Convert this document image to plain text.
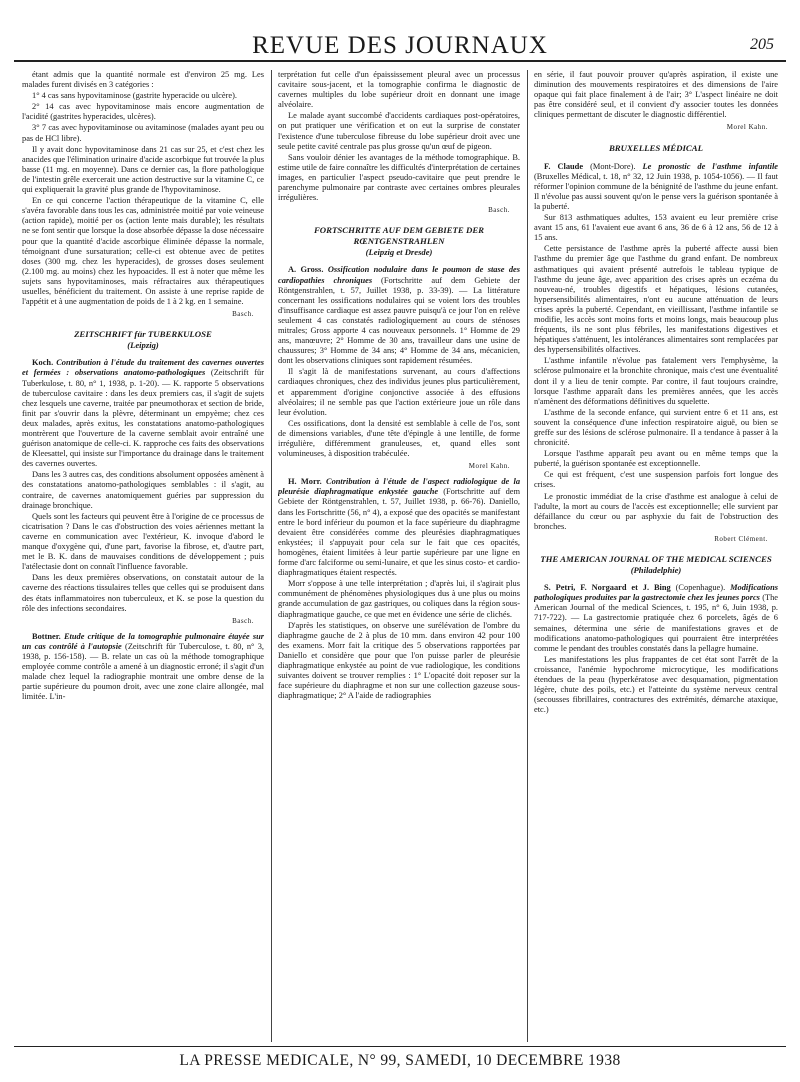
REVUE DES JOURNAUX	205

étant admis que la quantité normale est d'environ 25 mg. Les malades furent divisés en 3 catégories :

1° 4 cas sans hypovitaminose (gastrite hyperacide ou ulcère).

2° 14 cas avec hypovitaminose mais encore augmentation de l'acidité (gastrites hyperacides, ulcères).

3° 7 cas avec hypovitaminose ou avitaminose (malades ayant peu ou pas de HCl libre).

Il y avait donc hypovitaminose dans 21 cas sur 25, et c'est chez les anacides que l'élimination urinaire d'acide ascorbique fut trouvée la plus basse (11 mg. en moyenne). Dans ce dernier cas, la flore pathologique de l'intestin grêle exercerait une action destructive sur la vitamine C, ce qui expliquerait la gravité plus grande de l'hypovitaminose.

En ce qui concerne l'action thérapeutique de la vitamine C, elle s'avéra favorable dans tous les cas, administrée moitié par voie veineuse (action rapide), moitié per os (action lente mais durable); les résultats ne se font sentir que lorsque la dose absorbée dépasse la dose nécessaire pour que la quantité d'acide ascorbique éliminée dépasse la normale, témoignant d'une sursaturation; celle-ci est obtenue avec de petites doses (300 mg. chez les hyperacides), de grosses doses seulement (2.100 mg. au moins) chez les hypoacides. Il est à noter que même les sujets sans hypovitaminoses, mais réfractaires aux thérapeutiques usuelles, bénéficient du traitement. On assiste à une reprise rapide de l'appétit et à une augmentation de poids de 1 à 2 kg. en 1 semaine.

Basch.

ZEITSCHRIFT für TUBERKULOSE

(Leipzig)

Koch. Contribution à l'étude du traitement des cavernes ouvertes et fermées : observations anatomo-pathologiques (Zeitschrift für Tuberkulose, t. 80, n° 1, 1938, p. 1-20). — K. rapporte 5 observations de tuberculose cavitaire : dans les deux premiers cas, il s'agit de sujets chez lesquels une caverne, traitée par pneumothorax et section de bride, finit par s'ouvrir dans la plèvre, déterminant un empyème; chez ces deux malades, après exitus, les constatations anatomo-pathologiques montrèrent que l'ouverture de la caverne semblait avoir entraîné une guérison anatomique de celle-ci. K. rapproche ces faits des observations de Kleesattel, qui insiste sur l'importance du drainage dans le traitement des cavernes ouvertes.

Dans les 3 autres cas, des conditions absolument opposées amènent à des constatations anatomo-pathologiques semblables : il s'agit, au contraire, de cavernes anatomiquement guéries par suppression du drainage bronchique.

Quels sont les facteurs qui peuvent être à l'origine de ce processus de cicatrisation ? Dans le cas d'obstruction des voies aériennes mettant la caverne en communication avec l'extérieur, K. invoque d'abord le manque d'oxygène qui, d'une part, favorise la fibrose, et, d'autre part, met le B. K. dans de mauvaises conditions de développement ; puis l'atélectasie dont on connaît l'influence favorable.

Dans les deux premières observations, on constatait autour de la caverne des réactions tissulaires telles que celles qui se produisent dans des états inflammatoires non tuberculeux, et K. se pose la question du rôle des infections secondaires.

Basch.

Bottner. Etude critique de la tomographie pulmonaire étayée sur un cas contrôlé à l'autopsie (Zeitschrift für Tuberculose, t. 80, n° 3, 1938, p. 156-158). — B. relate un cas où la méthode tomographique employée comme contrôle a amené à un diagnostic erroné; il s'agit d'un malade chez lequel la radiographie montrait une ombre dense de la partie supérieure du poumon droit, avec une zone claire allongée, mal limitée. L'in-

terprétation fut celle d'un épaississement pleural avec un processus cavitaire sous-jacent, et la tomographie confirma le diagnostic de cavernes multiples du lobe supérieur droit en donnant une image alvéolaire.

Le malade ayant succombé d'accidents cardiaques post-opératoires, on put pratiquer une vérification et on eut la surprise de constater l'existence d'une tuberculose fibreuse du lobe supérieur droit avec une seule petite cavité centrale pas plus grosse qu'un œuf de pigeon.

Sans vouloir dénier les avantages de la méthode tomographique. B. estime utile de faire connaître les difficultés d'interprétation de certaines images, en particulier l'aspect pseudo-cavitaire que peut prendre le parenchyme pulmonaire par contraste avec certaines ombres pleurales irrégulières.

Basch.

FORTSCHRITTE AUF DEM GEBIETE DER RŒNTGENSTRAHLEN

(Leipzig et Dresde)

A. Gross. Ossification nodulaire dans le poumon de stase des cardiopathies chroniques (Fortschritte auf dem Gebiete der Röntgenstrahlen, t. 57, Juillet 1938, p. 33-39). — La littérature concernant les ossifications nodulaires qui se voient lors des troubles d'insuffisance cardiaque est assez pauvre puisqu'à ce jour l'on en relève seulement 4 cas constatés radiologiquement au cours de sténoses mitrales; Gross apporte 4 cas nouveaux personnels. 1° Homme de 29 ans, manœuvre; 2° Homme de 30 ans, travailleur dans une usine de chaussures; 3° Homme de 34 ans; 4° Homme de 34 ans, mécanicien, dont les observations cliniques sont rapidement résumées.

Il s'agit là de manifestations survenant, au cours d'affections cardiaques chroniques, chez des individus jeunes plus particulièrement, et apparemment d'origine conjonctive associée à des effusions alvéolaires; il ne semble pas que l'action extérieure joue un rôle dans leur évolution.

Ces ossifications, dont la densité est semblable à celle de l'os, sont de dimensions variables, d'une tête d'épingle à une lentille, de forme irrégulière, différemment granuleuses, et, quand elles sont volumineuses, à disposition trabéculée.

Morel Kahn.

H. Morr. Contribution à l'étude de l'aspect radiologique de la pleurésie diaphragmatique enkystée gauche (Fortschritte auf dem Gebiete der Röntgenstrahlen, t. 57, Juillet 1938, p. 66-76). Daniello, dans les Fortschritte (56, n° 4), a exposé que des opacités se manifestant entre le bord inférieur du poumon et la face supérieure du diaphragme devaient être considérées comme des pleurésies diaphragmatiques enkystées; il s'appuyait pour cela sur le fait que ces opacités, homogènes, étaient limitées à leur partie supérieure par une ligne en forme d'arc falciforme ou semi-lunaire, et que les sinus costo- et cardio-diaphragmatiques étaient respectés.

Morr s'oppose à une telle interprétation ; d'après lui, il s'agirait plus communément de phénomènes physiologiques dus à une plus ou moins grande accumulation de gaz gastriques, ou coliques dans la région sous-diaphragmatique gauche, ce que met en évidence une série de clichés.

D'après les statistiques, on observe une surélévation de l'ombre du diaphragme gauche de 2 à plus de 10 mm. dans environ 42 pour 100 des examens. Morr fait la critique des 5 observations rapportées par Daniello et considère que pour que l'on puisse parler de pleurésie diaphragmatique enkystée au point de vue radiologique, les conditions suivantes doivent se trouver remplies : 1° L'opacité doit reposer sur la face supérieure du diaphragme et non sur une collection gazeuse sous-diaphragmatique; 2° A l'aide de radiographies

en série, il faut pouvoir prouver qu'après aspiration, il existe une diminution des mouvements respiratoires et des dimensions de l'aire opaque qui fait place finalement à de l'air; 3° L'aspect linéaire ne doit pas être considéré seul, et il convient d'y associer toutes les données cliniques permettant de discuter le diagnostic différentiel.

Morel Kahn.

BRUXELLES MÉDICAL

F. Claude (Mont-Dore). Le pronostic de l'asthme infantile (Bruxelles Médical, t. 18, n° 32, 12 Juin 1938, p. 1054-1056). — Il faut réformer l'opinion commune de la bénignité de l'asthme du jeune enfant. Il n'évolue pas aussi souvent qu'on le pense vers la guérison spontanée à la puberté.

Sur 813 asthmatiques adultes, 153 avaient eu leur première crise avant 15 ans, 61 l'avaient eue avant 6 ans, 36 de 6 à 12 ans, 56 de 12 à 15 ans.

Cette persistance de l'asthme après la puberté affecte aussi bien l'asthme du premier âge que l'asthme du grand enfant. De nombreux asthmatiques qui avaient présenté autrefois le tableau typique de l'asthme du jeune âge, avec apparition des crises après un eczéma du nouveau-né, troubles digestifs et hépatiques, lésions cutanées, hypersensibilités alimentaires, n'ont eu aucune atténuation de leurs crises après la puberté. Cependant, en vieillissant, l'asthme infantile se modifie, les accès sont moins forts et moins longs, mais beaucoup plus fréquents, ils ne sont plus fébriles, les manifestations digestives et hépatiques s'atténuent, les intolérances alimentaires sont remplacées par des hypersensibilités olfactives.

L'asthme infantile n'évolue pas fatalement vers l'emphysème, la sclérose pulmonaire et la bronchite chronique, mais c'est une éventualité dont il y a lieu de tenir compte. Par contre, il faut toujours craindre, lorsque l'asthme apparaît dans les premières années, que les accès n'amènent des déformations définitives du squelette.

L'asthme de la seconde enfance, qui survient entre 6 et 11 ans, est souvent la conséquence d'une infection respiratoire aiguë, ou bien se greffe sur des lésions de sclérose pulmonaire. Il a tendance à passer à la chronicité.

Lorsque l'asthme apparaît peu avant ou en même temps que la puberté, la guérison spontanée est exceptionnelle.

Ce qui est fréquent, c'est une suspension parfois fort longue des crises.

Le pronostic immédiat de la crise d'asthme est analogue à celui de l'adulte, la mort au cours de l'accès est exceptionnelle; elle survient par défaillance du cœur ou par asphyxie du fait de l'obstruction des bronches.

Robert Clément.

THE AMERICAN JOURNAL OF THE MEDICAL SCIENCES

(Philadelphie)

S. Petri, F. Norgaard et J. Bing (Copenhague). Modifications pathologiques produites par la gastrectomie chez les jeunes porcs (The American Journal of the medical Sciences, t. 195, n° 6, Juin 1938, p. 717-722). — La gastrectomie pratiquée chez 6 porcelets, âgés de 6 semaines, détermina une série de manifestations graves et de modifications anatomo-pathologiques qui pourraient être interprétées comme le pendant des troubles constatés dans la pellagre humaine.

Les manifestations les plus frappantes de cet état sont l'arrêt de la croissance, l'anémie hypochrome microcytique, les modifications étendues de la peau (hyperkératose avec desquamation, pigmentation légère, chute des poils, etc.) et l'atteinte du système nerveux central (secousses fibrillaires, contractures des extrémités, démarche ataxique, etc.)

LA PRESSE MEDICALE, N° 99, SAMEDI, 10 DECEMBRE 1938
